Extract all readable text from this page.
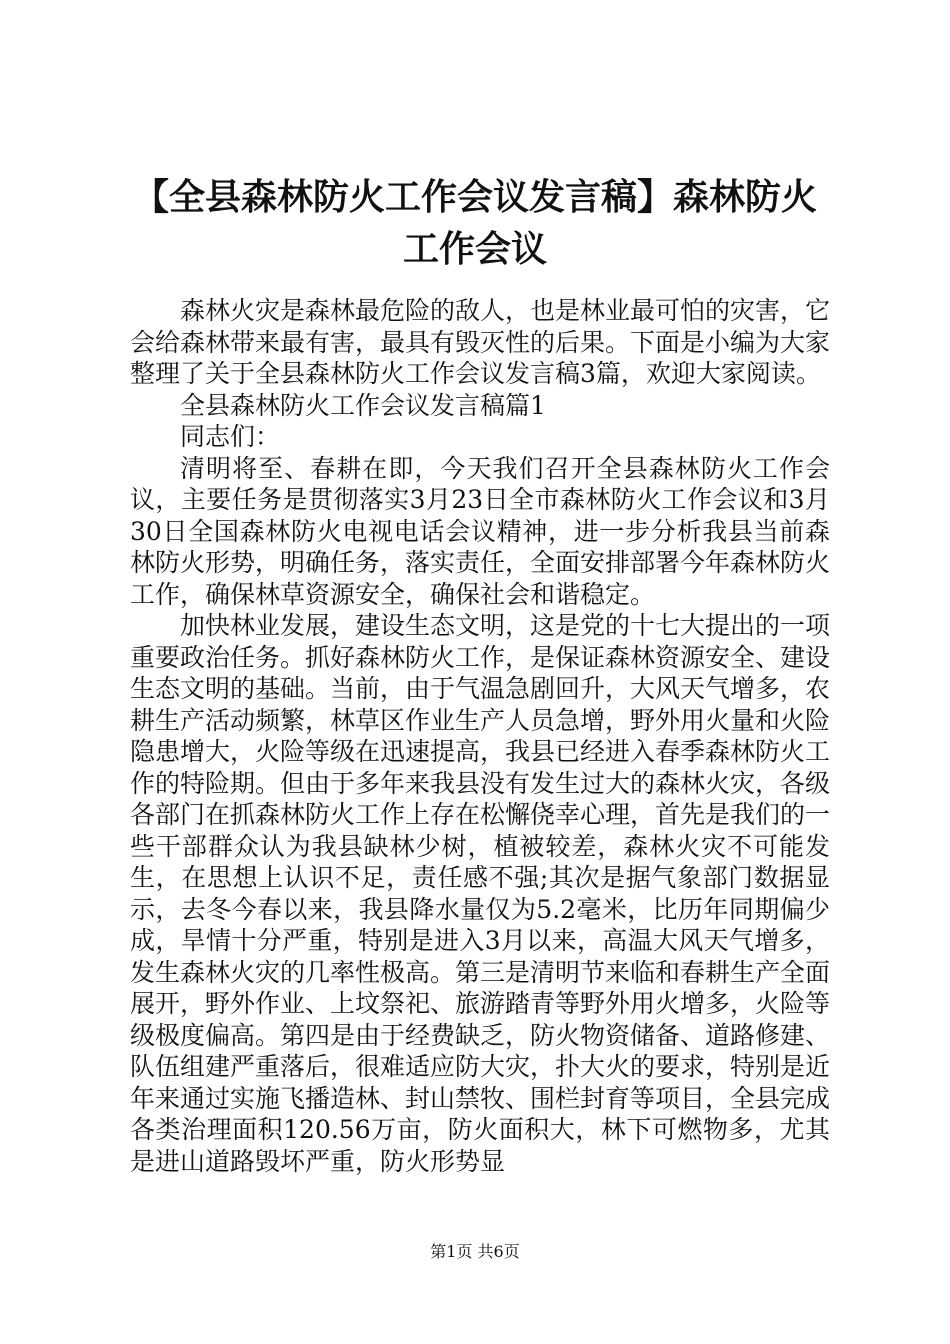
【全县森林防火工作会议发言稿】森林防火工作会议

森林火灾是森林最危险的敌人，也是林业最可怕的灾害，它会给森林带来最有害，最具有毁灭性的后果。下面是小编为大家整理了关于全县森林防火工作会议发言稿3篇，欢迎大家阅读。

全县森林防火工作会议发言稿篇1

同志们：

清明将至、春耕在即，今天我们召开全县森林防火工作会议，主要任务是贯彻落实3月23日全市森林防火工作会议和3月30日全国森林防火电视电话会议精神，进一步分析我县当前森林防火形势，明确任务，落实责任，全面安排部署今年森林防火工作，确保林草资源安全，确保社会和谐稳定。

加快林业发展，建设生态文明，这是党的十七大提出的一项重要政治任务。抓好森林防火工作，是保证森林资源安全、建设生态文明的基础。当前，由于气温急剧回升，大风天气增多，农耕生产活动频繁，林草区作业生产人员急增，野外用火量和火险隐患增大，火险等级在迅速提高，我县已经进入春季森林防火工作的特险期。但由于多年来我县没有发生过大的森林火灾，各级各部门在抓森林防火工作上存在松懈侥幸心理，首先是我们的一些干部群众认为我县缺林少树，植被较差，森林火灾不可能发生，在思想上认识不足，责任感不强;其次是据气象部门数据显示，去冬今春以来，我县降水量仅为5.2毫米，比历年同期偏少成，旱情十分严重，特别是进入3月以来，高温大风天气增多，发生森林火灾的几率性极高。第三是清明节来临和春耕生产全面展开，野外作业、上坟祭祀、旅游踏青等野外用火增多，火险等级极度偏高。第四是由于经费缺乏，防火物资储备、道路修建、队伍组建严重落后，很难适应防大灾，扑大火的要求，特别是近年来通过实施飞播造林、封山禁牧、围栏封育等项目，全县完成各类治理面积120.56万亩，防火面积大，林下可燃物多，尤其是进山道路毁坏严重，防火形势显

第1页 共6页
